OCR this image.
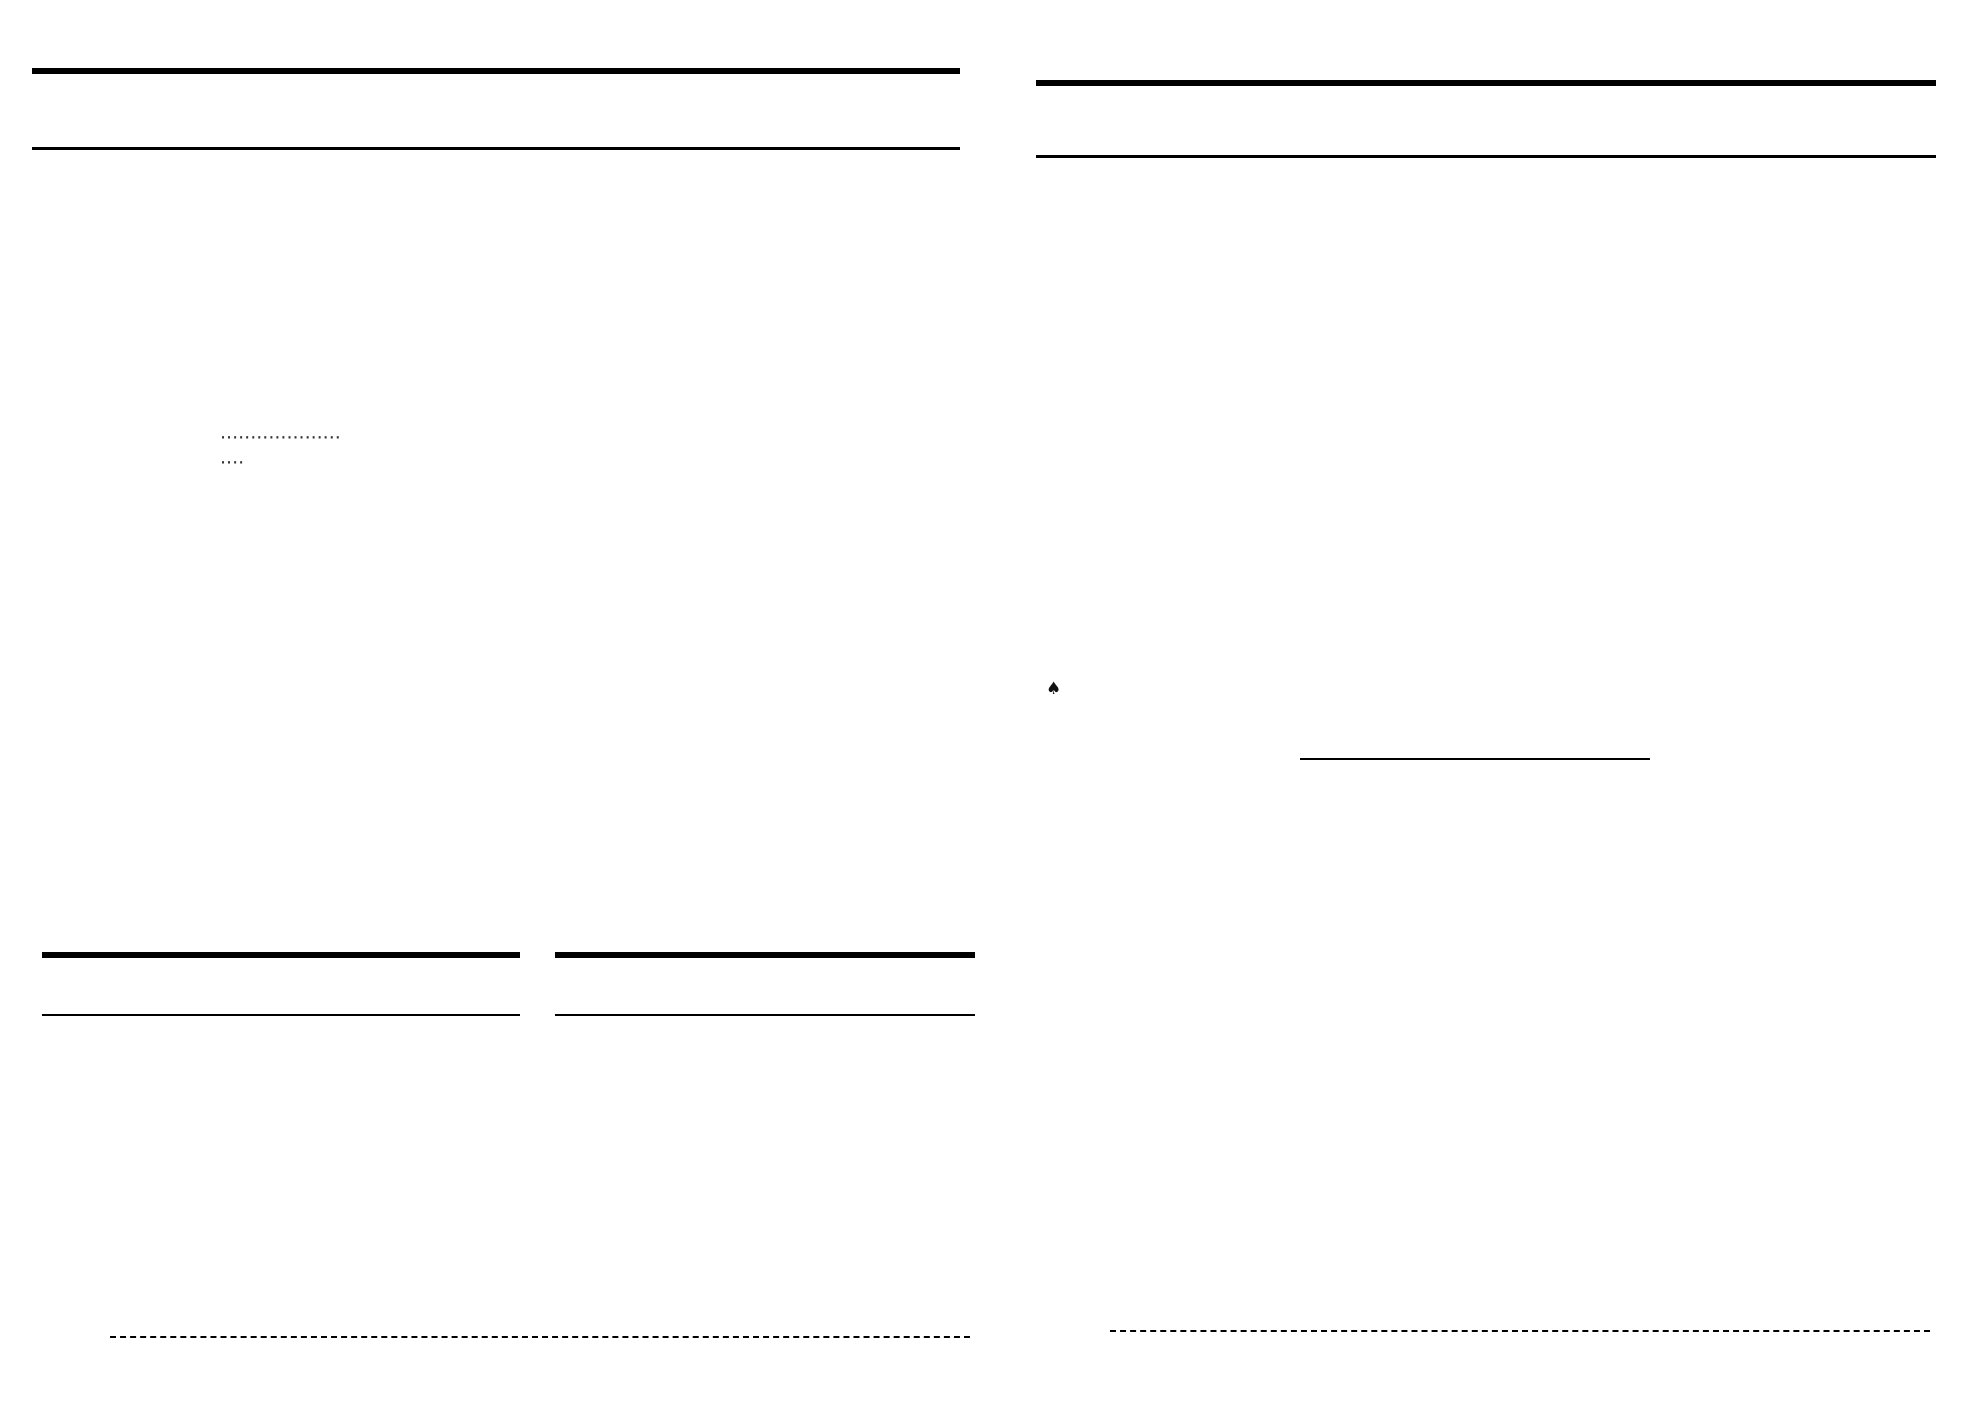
····················
····
♠
